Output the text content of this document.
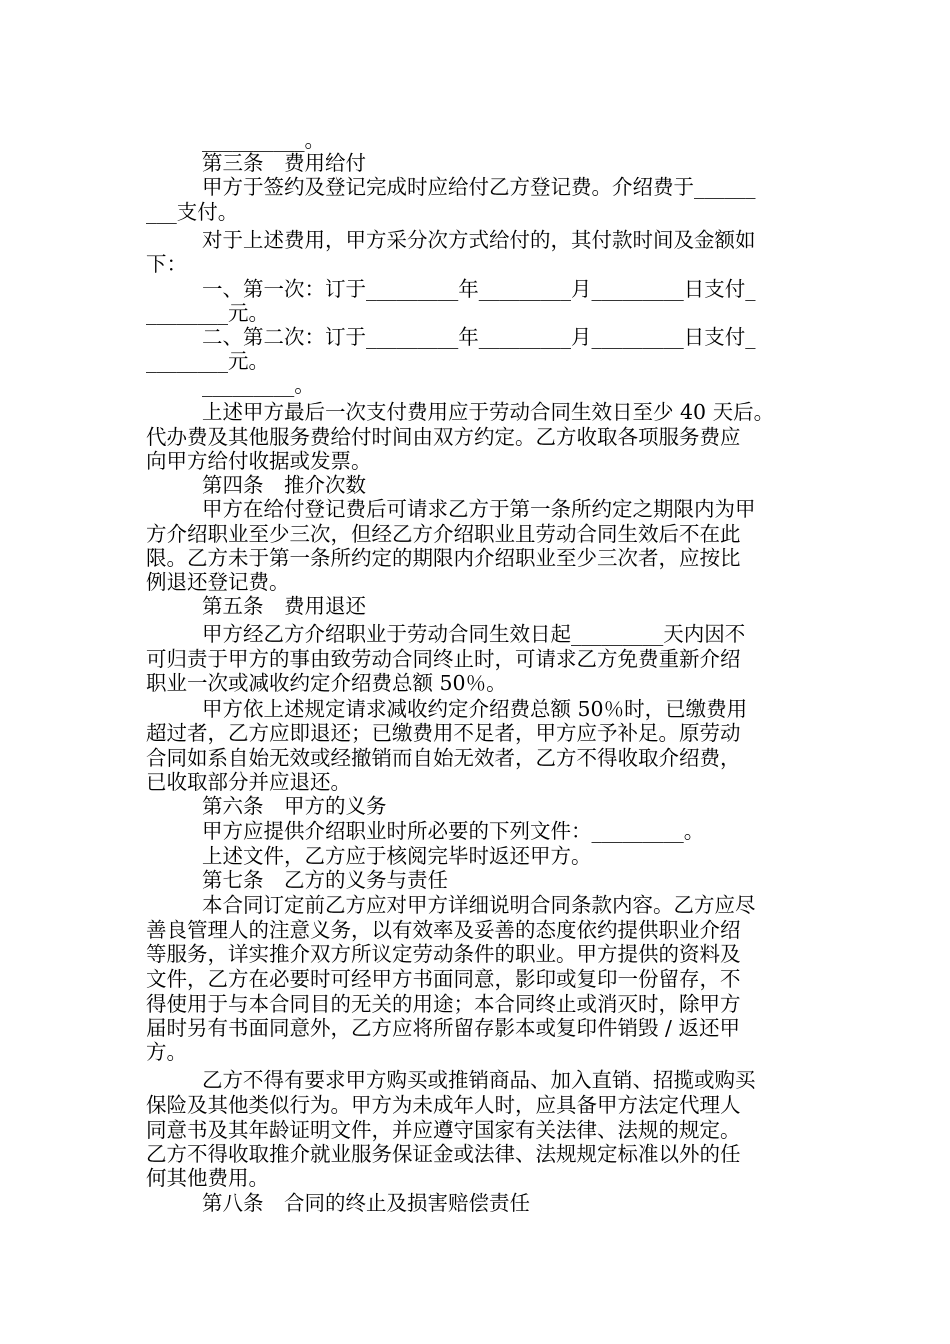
__________。
第三条　费用给付
甲方于签约及登记完成时应给付乙方登记费。介绍费于______
___支付。
对于上述费用，甲方采分次方式给付的，其付款时间及金额如
下：
一、第一次：订于_________年_________月_________日支付_
________元。
二、第二次：订于_________年_________月_________日支付_
________元。
_________。
上述甲方最后一次支付费用应于劳动合同生效日至少 40 天后。
代办费及其他服务费给付时间由双方约定。乙方收取各项服务费应
向甲方给付收据或发票。
第四条　推介次数
甲方在给付登记费后可请求乙方于第一条所约定之期限内为甲
方介绍职业至少三次，但经乙方介绍职业且劳动合同生效后不在此
限。乙方未于第一条所约定的期限内介绍职业至少三次者，应按比
例退还登记费。
第五条　费用退还
甲方经乙方介绍职业于劳动合同生效日起_________天内因不
可归责于甲方的事由致劳动合同终止时，可请求乙方免费重新介绍
职业一次或减收约定介绍费总额 50％。
甲方依上述规定请求减收约定介绍费总额 50％时，已缴费用
超过者，乙方应即退还；已缴费用不足者，甲方应予补足。原劳动
合同如系自始无效或经撤销而自始无效者，乙方不得收取介绍费，
已收取部分并应退还。
第六条　甲方的义务
甲方应提供介绍职业时所必要的下列文件：_________。
上述文件，乙方应于核阅完毕时返还甲方。
第七条　乙方的义务与责任
本合同订定前乙方应对甲方详细说明合同条款内容。乙方应尽
善良管理人的注意义务，以有效率及妥善的态度依约提供职业介绍
等服务，详实推介双方所议定劳动条件的职业。甲方提供的资料及
文件，乙方在必要时可经甲方书面同意，影印或复印一份留存，不
得使用于与本合同目的无关的用途；本合同终止或消灭时，除甲方
届时另有书面同意外，乙方应将所留存影本或复印件销毁 / 返还甲
方。
乙方不得有要求甲方购买或推销商品、加入直销、招揽或购买
保险及其他类似行为。甲方为未成年人时，应具备甲方法定代理人
同意书及其年龄证明文件，并应遵守国家有关法律、法规的规定。
乙方不得收取推介就业服务保证金或法律、法规规定标准以外的任
何其他费用。
第八条　合同的终止及损害赔偿责任
